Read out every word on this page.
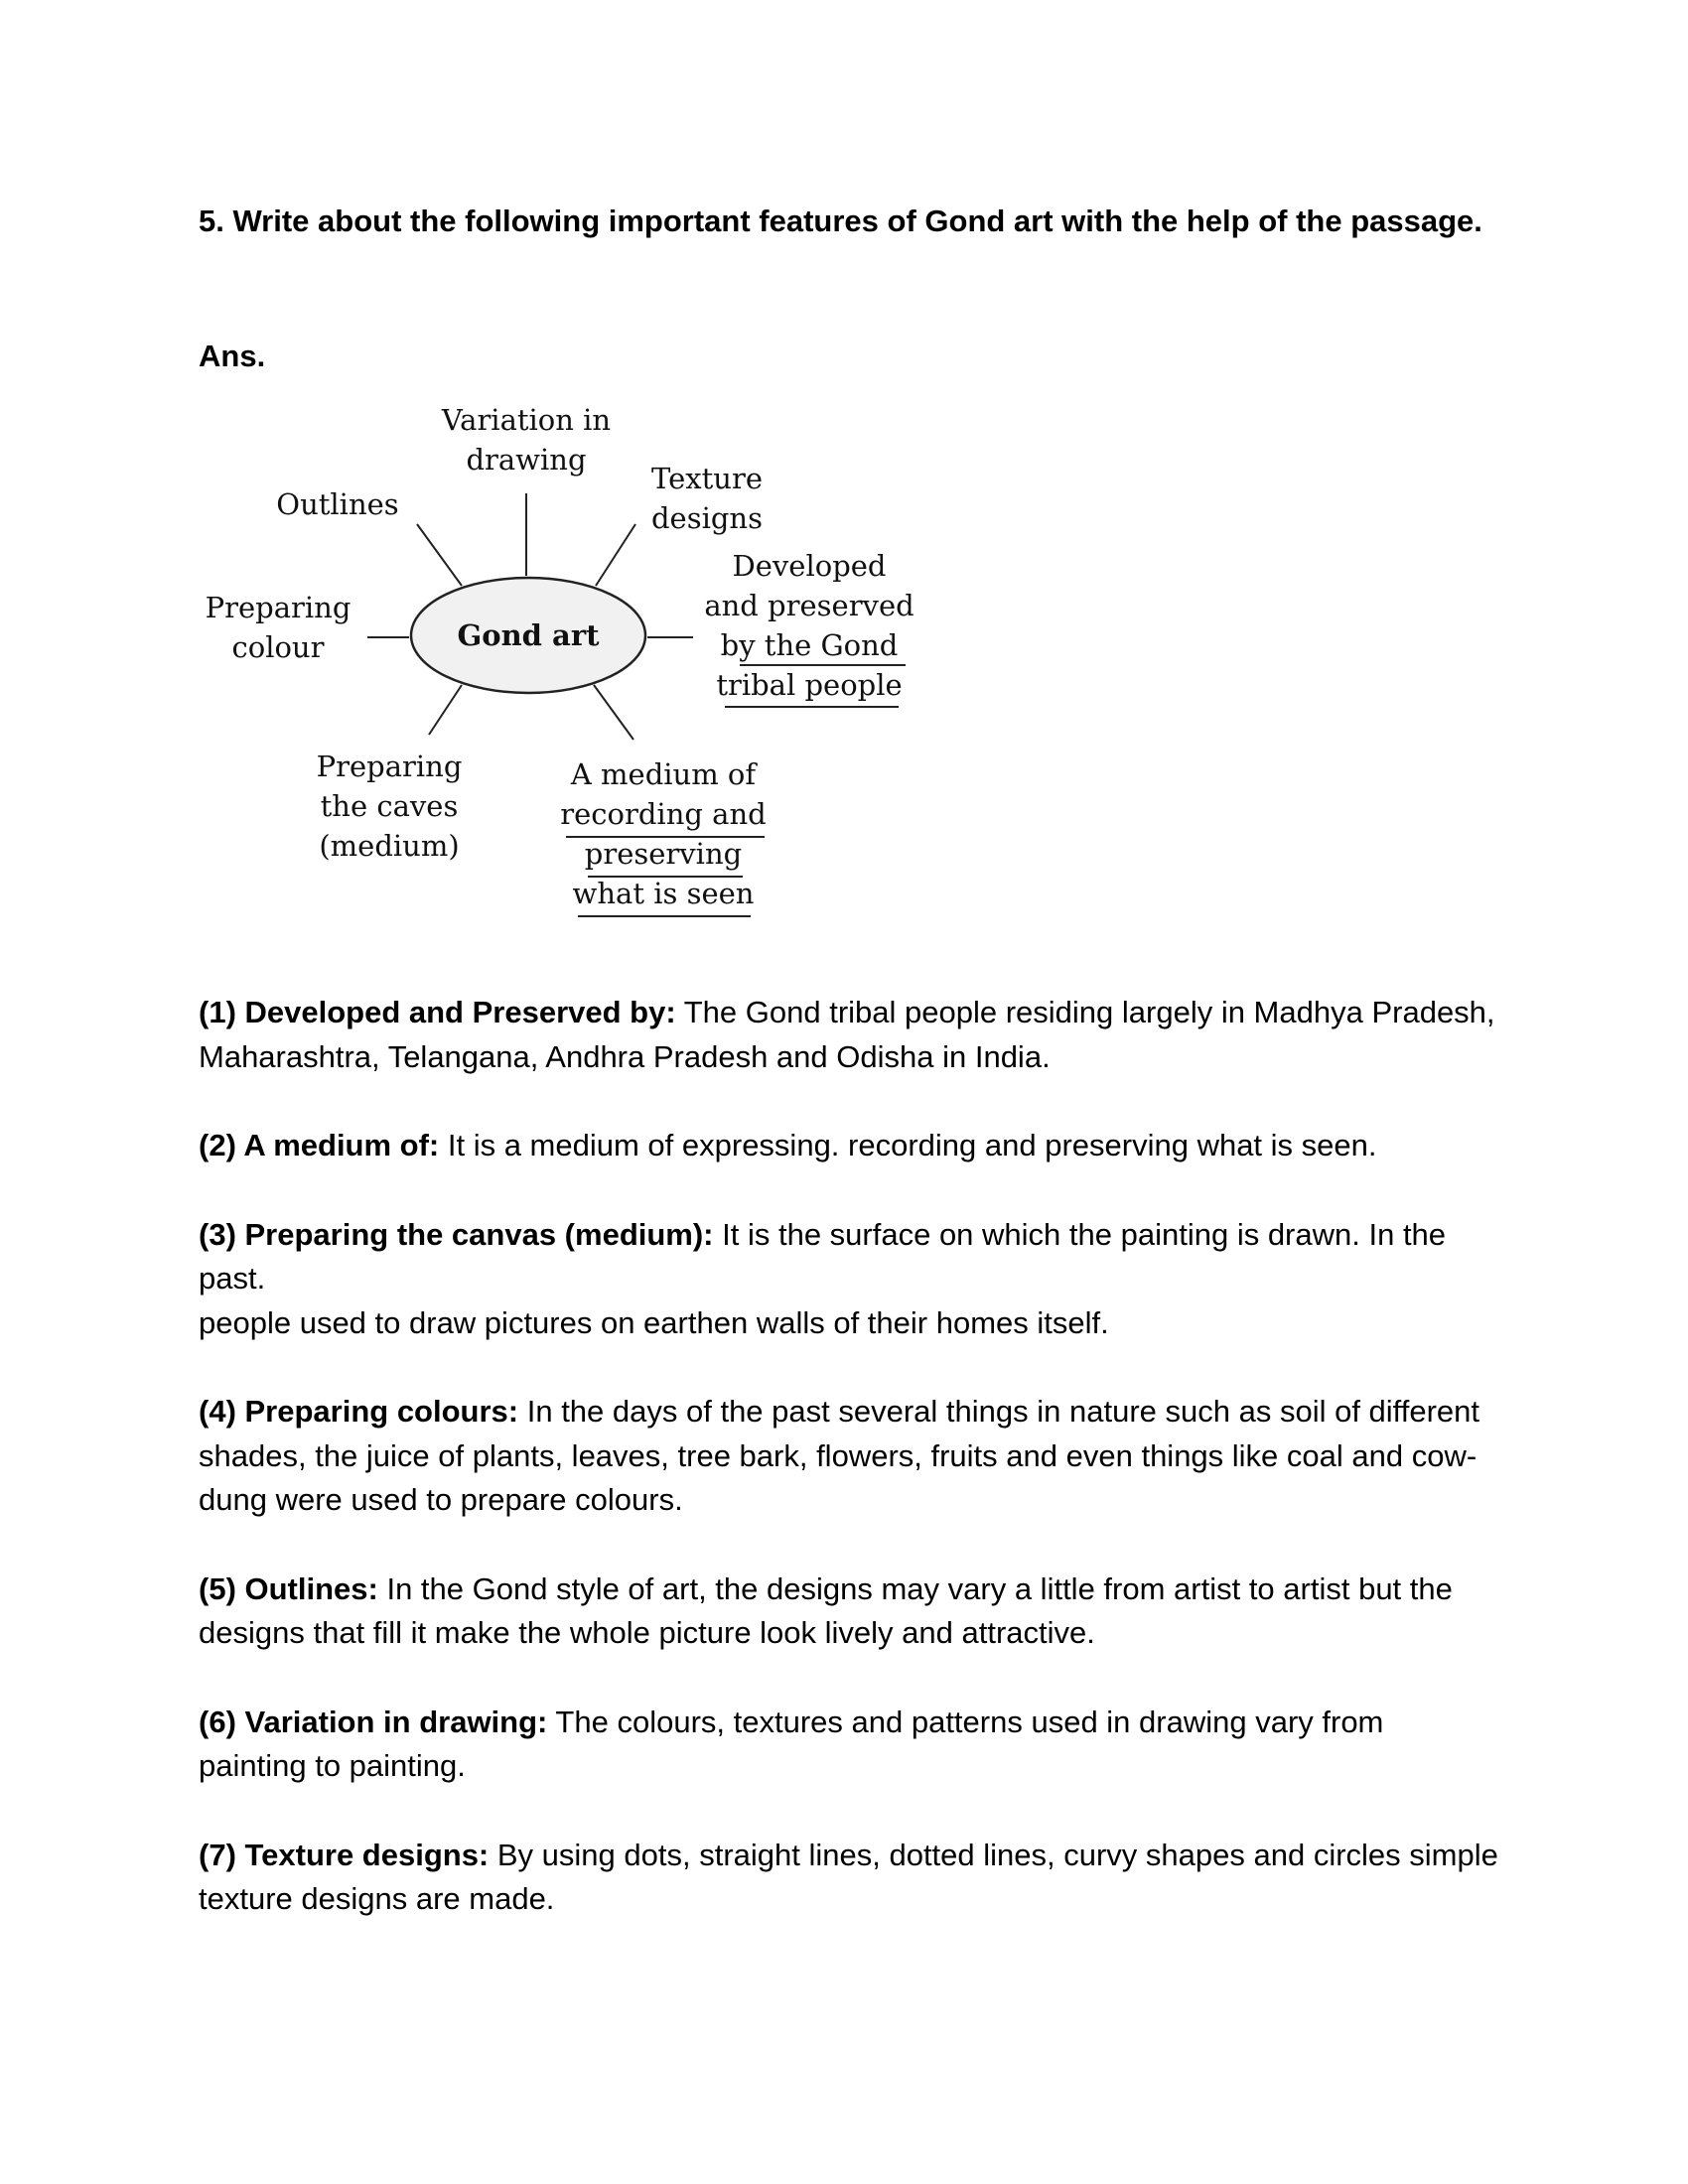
5. Write about the following important features of Gond art with the help of the passage.
Ans.
Gond art
Variation in
drawing
Outlines
Texture
designs
Developed
and preserved
by the Gond
tribal people
Preparing
colour
Preparing
the caves
(medium)
A medium of
recording and
preserving
what is seen

(1) Developed and Preserved by: The Gond tribal people residing largely in Madhya Pradesh, Maharashtra, Telangana, Andhra Pradesh and Odisha in India.

(2) A medium of: It is a medium of expressing. recording and preserving what is seen.

(3) Preparing the canvas (medium): It is the surface on which the painting is drawn. In the past.
people used to draw pictures on earthen walls of their homes itself.

(4) Preparing colours: In the days of the past several things in nature such as soil of different shades, the juice of plants, leaves, tree bark, flowers, fruits and even things like coal and cow-dung were used to prepare colours.

(5) Outlines: In the Gond style of art, the designs may vary a little from artist to artist but the designs that fill it make the whole picture look lively and attractive.

(6) Variation in drawing: The colours, textures and patterns used in drawing vary from painting to painting.

(7) Texture designs: By using dots, straight lines, dotted lines, curvy shapes and circles simple texture designs are made.
